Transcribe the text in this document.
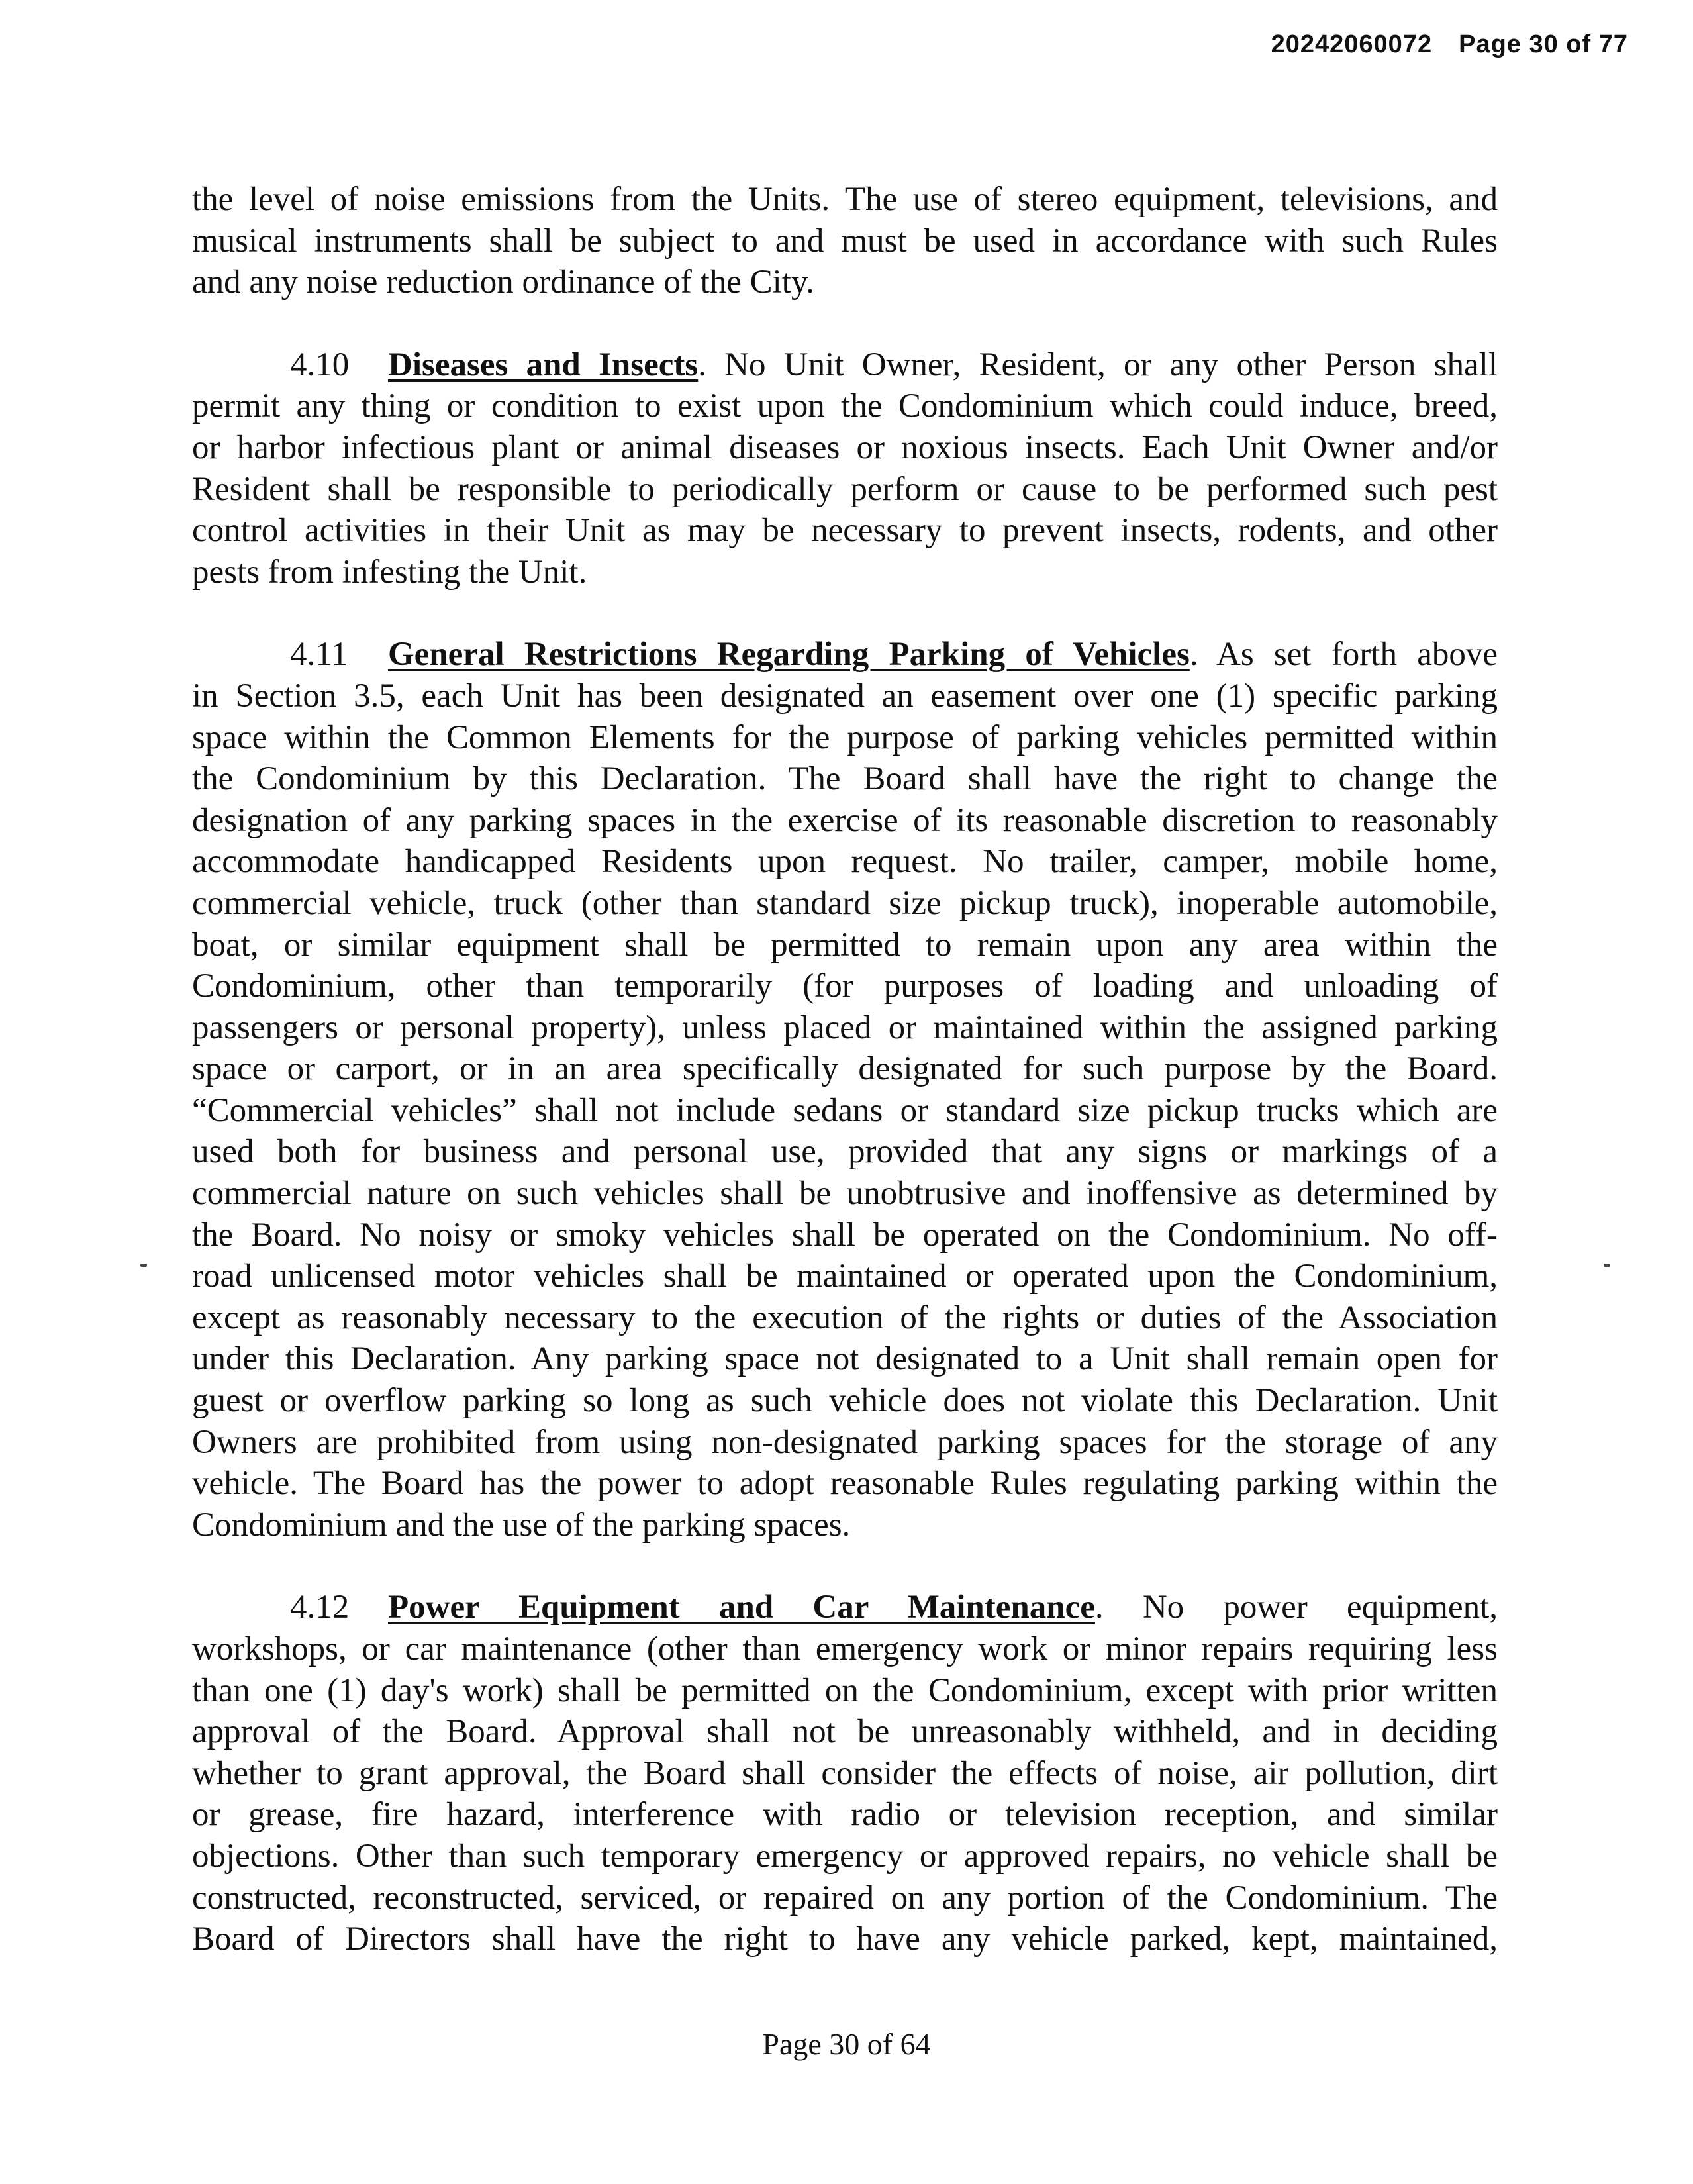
20242060072 Page 30 of 77
the level of noise emissions from the Units. The use of stereo equipment, televisions, and
musical instruments shall be subject to and must be used in accordance with such Rules
and any noise reduction ordinance of the City.
4.10 Diseases and Insects. No Unit Owner, Resident, or any other Person shall
permit any thing or condition to exist upon the Condominium which could induce, breed,
or harbor infectious plant or animal diseases or noxious insects. Each Unit Owner and/or
Resident shall be responsible to periodically perform or cause to be performed such pest
control activities in their Unit as may be necessary to prevent insects, rodents, and other
pests from infesting the Unit.
4.11 General Restrictions Regarding Parking of Vehicles. As set forth above
in Section 3.5, each Unit has been designated an easement over one (1) specific parking
space within the Common Elements for the purpose of parking vehicles permitted within
the Condominium by this Declaration. The Board shall have the right to change the
designation of any parking spaces in the exercise of its reasonable discretion to reasonably
accommodate handicapped Residents upon request. No trailer, camper, mobile home,
commercial vehicle, truck (other than standard size pickup truck), inoperable automobile,
boat, or similar equipment shall be permitted to remain upon any area within the
Condominium, other than temporarily (for purposes of loading and unloading of
passengers or personal property), unless placed or maintained within the assigned parking
space or carport, or in an area specifically designated for such purpose by the Board.
“Commercial vehicles” shall not include sedans or standard size pickup trucks which are
used both for business and personal use, provided that any signs or markings of a
commercial nature on such vehicles shall be unobtrusive and inoffensive as determined by
the Board. No noisy or smoky vehicles shall be operated on the Condominium. No off-
road unlicensed motor vehicles shall be maintained or operated upon the Condominium,
except as reasonably necessary to the execution of the rights or duties of the Association
under this Declaration. Any parking space not designated to a Unit shall remain open for
guest or overflow parking so long as such vehicle does not violate this Declaration. Unit
Owners are prohibited from using non-designated parking spaces for the storage of any
vehicle. The Board has the power to adopt reasonable Rules regulating parking within the
Condominium and the use of the parking spaces.
4.12 Power Equipment and Car Maintenance. No power equipment,
workshops, or car maintenance (other than emergency work or minor repairs requiring less
than one (1) day's work) shall be permitted on the Condominium, except with prior written
approval of the Board. Approval shall not be unreasonably withheld, and in deciding
whether to grant approval, the Board shall consider the effects of noise, air pollution, dirt
or grease, fire hazard, interference with radio or television reception, and similar
objections. Other than such temporary emergency or approved repairs, no vehicle shall be
constructed, reconstructed, serviced, or repaired on any portion of the Condominium. The
Board of Directors shall have the right to have any vehicle parked, kept, maintained,
Page 30 of 64
